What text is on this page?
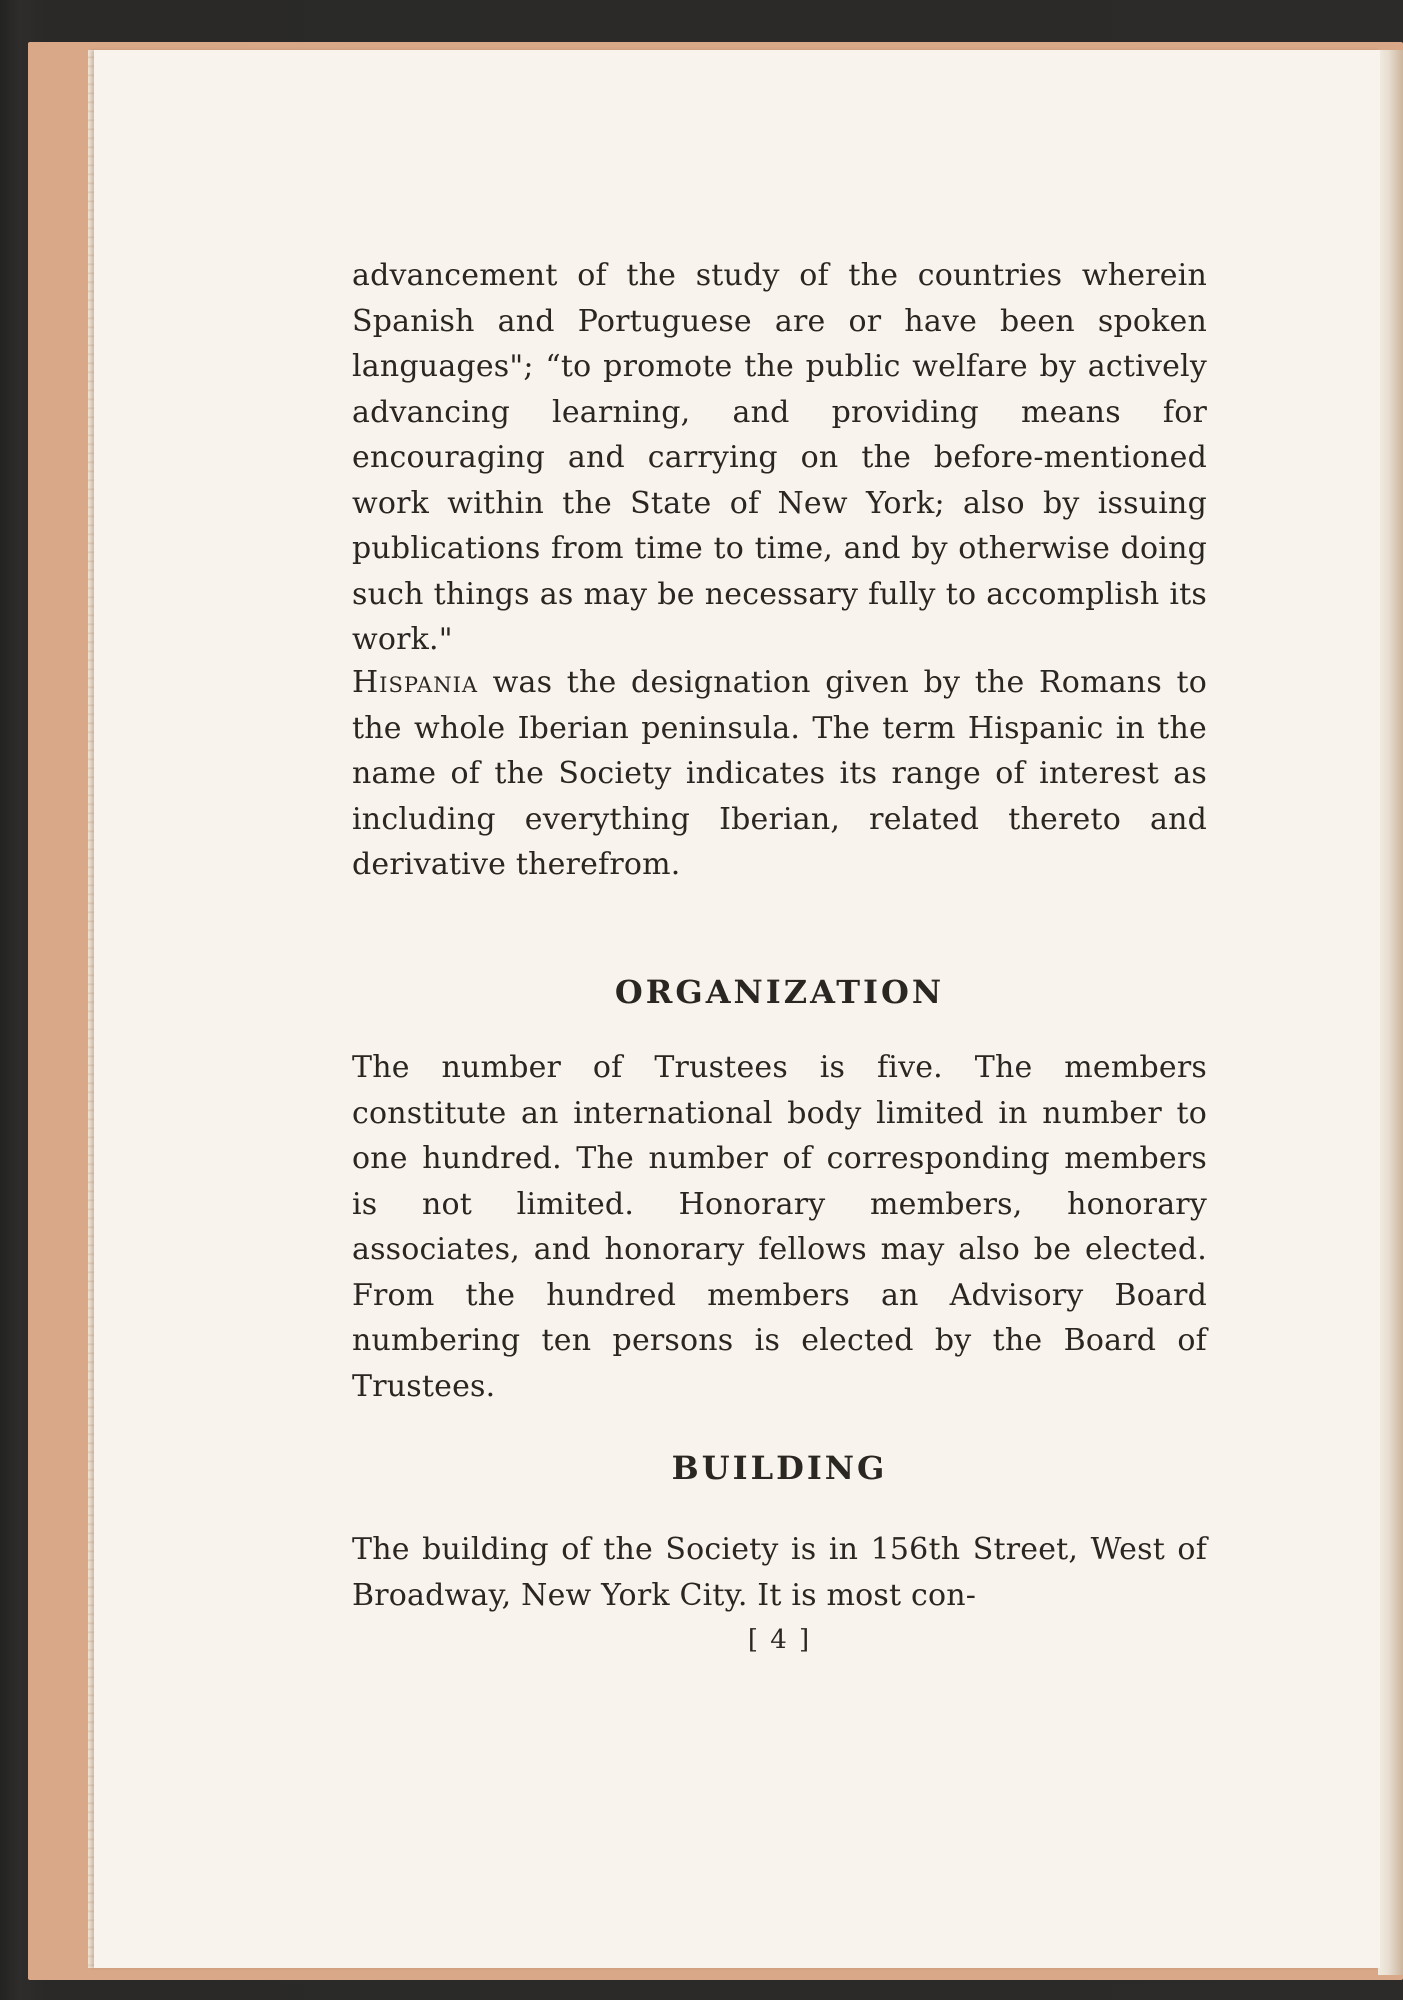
advancement of the study of the countries wherein Spanish and Portuguese are or have been spoken languages"; “to promote the public welfare by actively advancing learning, and providing means for encouraging and carrying on the before-mentioned work within the State of New York; also by issuing publications from time to time, and by otherwise doing such things as may be necessary fully to accomplish its work."

Hispania was the designation given by the Romans to the whole Iberian peninsula. The term Hispanic in the name of the Society indicates its range of interest as including everything Iberian, related thereto and derivative therefrom.

ORGANIZATION

The number of Trustees is five. The members constitute an international body limited in number to one hundred. The number of corresponding members is not limited. Honorary members, honorary associates, and honorary fellows may also be elected. From the hundred members an Advisory Board numbering ten persons is elected by the Board of Trustees.

BUILDING

The building of the Society is in 156th Street, West of Broadway, New York City. It is most con-

[ 4 ]
